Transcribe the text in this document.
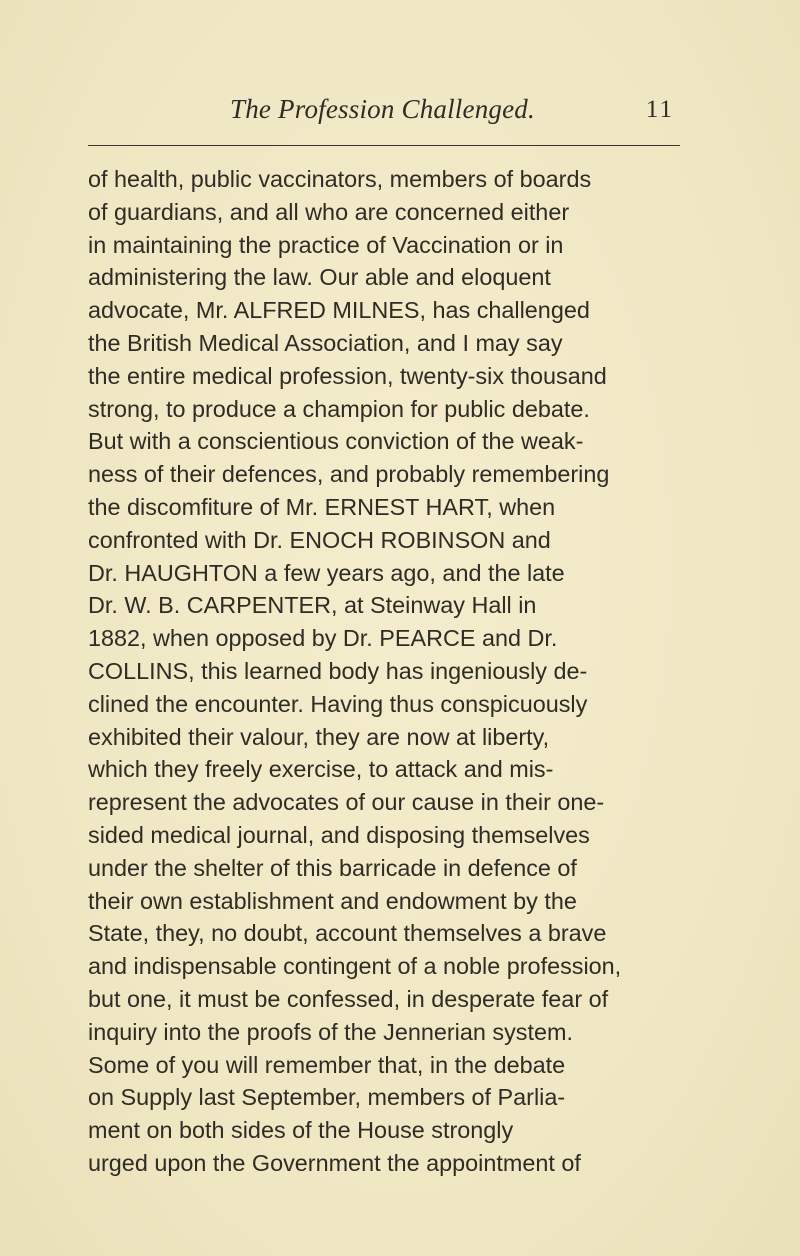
The Profession Challenged.	11
of health, public vaccinators, members of boards
of guardians, and all who are concerned either
in maintaining the practice of Vaccination or in
administering the law. Our able and eloquent
advocate, Mr. ALFRED MILNES, has challenged
the British Medical Association, and I may say
the entire medical profession, twenty-six thousand
strong, to produce a champion for public debate.
But with a conscientious conviction of the weak-
ness of their defences, and probably remembering
the discomfiture of Mr. ERNEST HART, when
confronted with Dr. ENOCH ROBINSON and
Dr. HAUGHTON a few years ago, and the late
Dr. W. B. CARPENTER, at Steinway Hall in
1882, when opposed by Dr. PEARCE and Dr.
COLLINS, this learned body has ingeniously de-
clined the encounter. Having thus conspicuously
exhibited their valour, they are now at liberty,
which they freely exercise, to attack and mis-
represent the advocates of our cause in their one-
sided medical journal, and disposing themselves
under the shelter of this barricade in defence of
their own establishment and endowment by the
State, they, no doubt, account themselves a brave
and indispensable contingent of a noble profession,
but one, it must be confessed, in desperate fear of
inquiry into the proofs of the Jennerian system.
Some of you will remember that, in the debate
on Supply last September, members of Parlia-
ment on both sides of the House strongly
urged upon the Government the appointment of
